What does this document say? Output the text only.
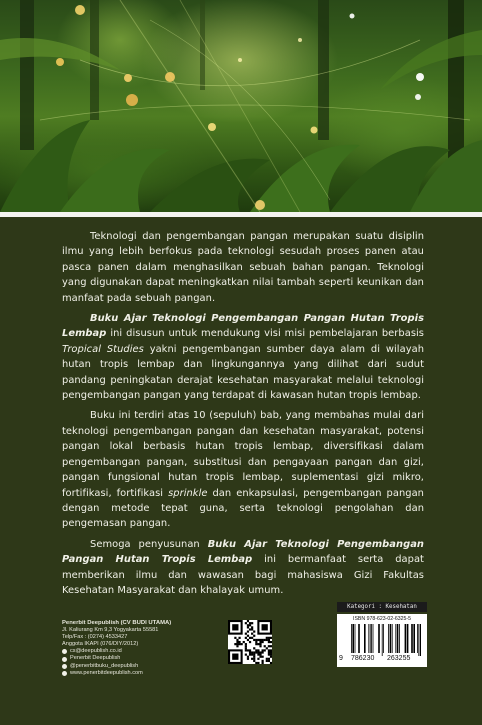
Teknologi dan pengembangan pangan merupakan suatu disiplin ilmu yang lebih berfokus pada teknologi sesudah proses panen atau pasca panen dalam menghasilkan sebuah bahan pangan. Teknologi yang digunakan dapat meningkatkan nilai tambah seperti keunikan dan manfaat pada sebuah pangan.

Buku Ajar Teknologi Pengembangan Pangan Hutan Tropis Lembap ini disusun untuk mendukung visi misi pembelajaran berbasis Tropical Studies yakni pengembangan sumber daya alam di wilayah hutan tropis lembap dan lingkungannya yang dilihat dari sudut pandang peningkatan derajat kesehatan masyarakat melalui teknologi pengembangan pangan yang terdapat di kawasan hutan tropis lembap.

Buku ini terdiri atas 10 (sepuluh) bab, yang membahas mulai dari teknologi pengembangan pangan dan kesehatan masyarakat, potensi pangan lokal berbasis hutan tropis lembap, diversifikasi dalam pengembangan pangan, substitusi dan pengayaan pangan dan gizi, pangan fungsional hutan tropis lembap, suplementasi gizi mikro, fortifikasi, fortifikasi sprinkle dan enkapsulasi, pengembangan pangan dengan metode tepat guna, serta teknologi pengolahan dan pengemasan pangan.

Semoga penyusunan Buku Ajar Teknologi Pengembangan Pangan Hutan Tropis Lembap ini bermanfaat serta dapat memberikan ilmu dan wawasan bagi mahasiswa Gizi Fakultas Kesehatan Masyarakat dan khalayak umum.

Penerbit Deepublish (CV BUDI UTAMA)
Jl. Kaliurang Km 9,3 Yogyakarta 55581
Telp/Fax : (0274) 4533427
Anggota IKAPI (076/DIY/2012)
cs@deepublish.co.id
Penerbit Deepublish
@penerbitbuku_deepublish
www.penerbitdeepublish.com
Kategori : Kesehatan
ISBN 978-623-02-6325-5
9 786230 263255
